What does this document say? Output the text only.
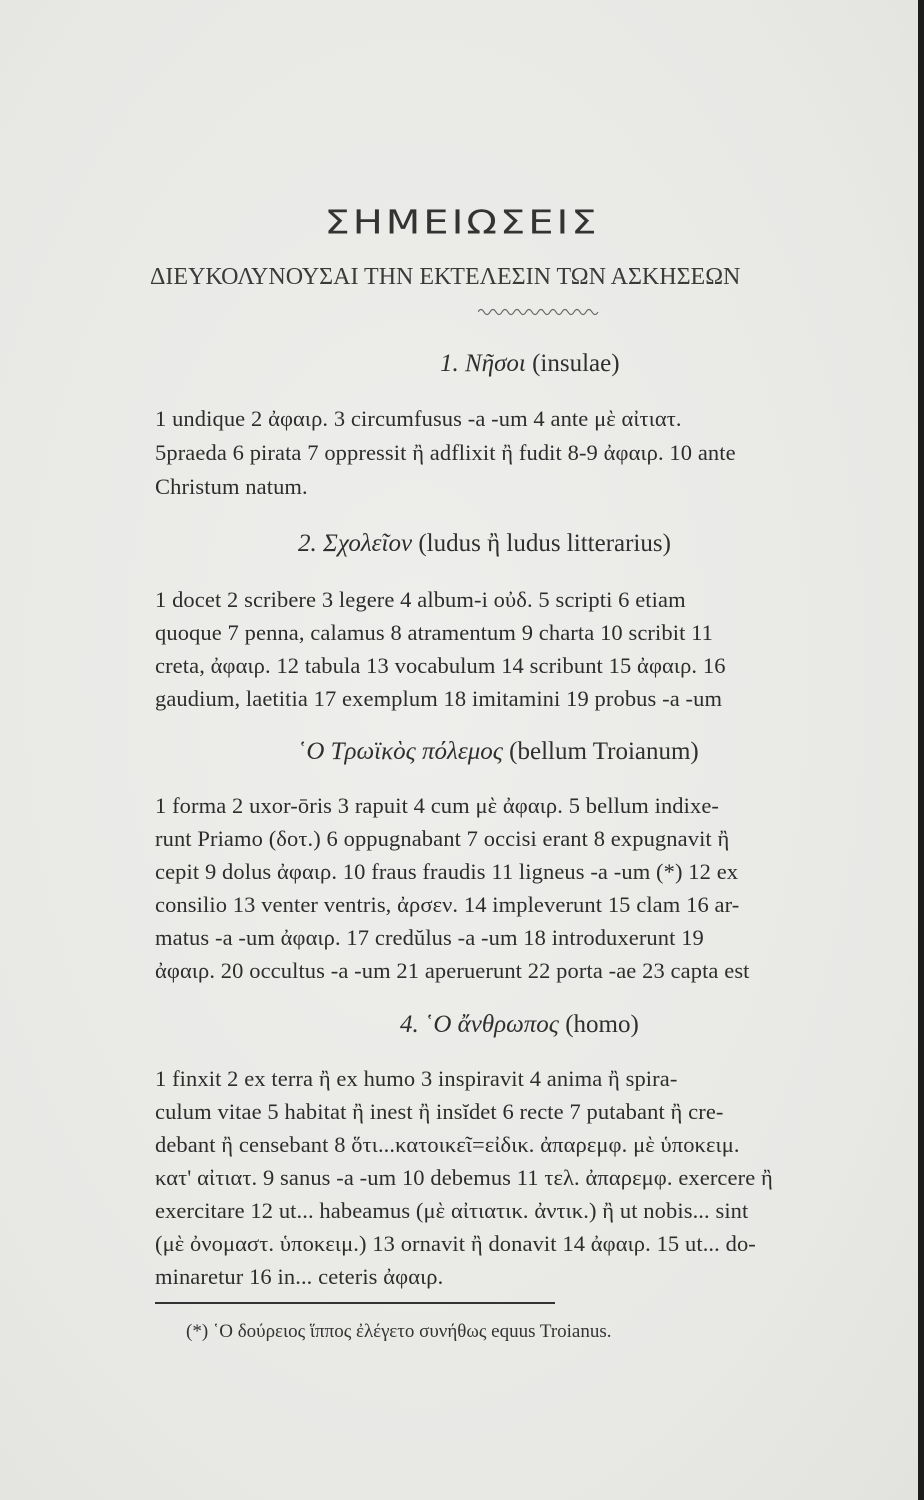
ΣΗΜΕΙΩΣΕΙΣ

ΔΙΕΥΚΟΛΥΝΟΥΣΑΙ ΤΗΝ ΕΚΤΕΛΕΣΙΝ ΤΩΝ ΑΣΚΗΣΕΩΝ

1. Νῆσοι (insulae)
1 undique 2 ἀφαιρ. 3 circumfusus -a -um 4 ante μὲ αἰτιατ.
5praeda 6 pirata 7 oppressit ἢ adflixit ἢ fudit 8-9 ἀφαιρ. 10 ante
Christum natum.
2. Σχολεῖον (ludus ἢ ludus litterarius)
1 docet 2 scribere 3 legere 4 album-i οὐδ. 5 scripti 6 etiam
quoque 7 penna, calamus 8 atramentum 9 charta 10 scribit 11
creta, ἀφαιρ. 12 tabula 13 vocabulum 14 scribunt 15 ἀφαιρ. 16
gaudium, laetitia 17 exemplum 18 imitamini 19 probus -a -um
῾Ο Τρωϊκὸς πόλεμος (bellum Troianum)
1 forma 2 uxor-ōris 3 rapuit 4 cum μὲ ἀφαιρ. 5 bellum indixe-
runt Priamo (δοτ.) 6 oppugnabant 7 occisi erant 8 expugnavit ἢ
cepit 9 dolus ἀφαιρ. 10 fraus fraudis 11 ligneus -a -um (*) 12 ex
consilio 13 venter ventris, ἀρσεν. 14 impleverunt 15 clam 16 ar-
matus -a -um ἀφαιρ. 17 credŭlus -a -um 18 introduxerunt 19
ἀφαιρ. 20 occultus -a -um 21 aperuerunt 22 porta -ae 23 capta est
4. ῾Ο ἄνθρωπος (homo)
1 finxit 2 ex terra ἢ ex humo 3 inspiravit 4 anima ἢ spira-
culum vitae 5 habitat ἢ inest ἢ insĭdet 6 recte 7 putabant ἢ cre-
debant ἢ censebant 8 ὅτι...κατοικεῖ=εἰδικ. ἀπαρεμφ. μὲ ὑποκειμ.
κατ' αἰτιατ. 9 sanus -a -um 10 debemus 11 τελ. ἀπαρεμφ. exercere ἢ
exercitare 12 ut... habeamus (μὲ αἰτιατικ. ἀντικ.) ἢ ut nobis... sint
(μὲ ὀνομαστ. ὑποκειμ.) 13 ornavit ἢ donavit 14 ἀφαιρ. 15 ut... do-
minaretur 16 in... ceteris ἀφαιρ.
(*) ῾Ο δούρειος ἵππος ἐλέγετο συνήθως equus Troianus.
